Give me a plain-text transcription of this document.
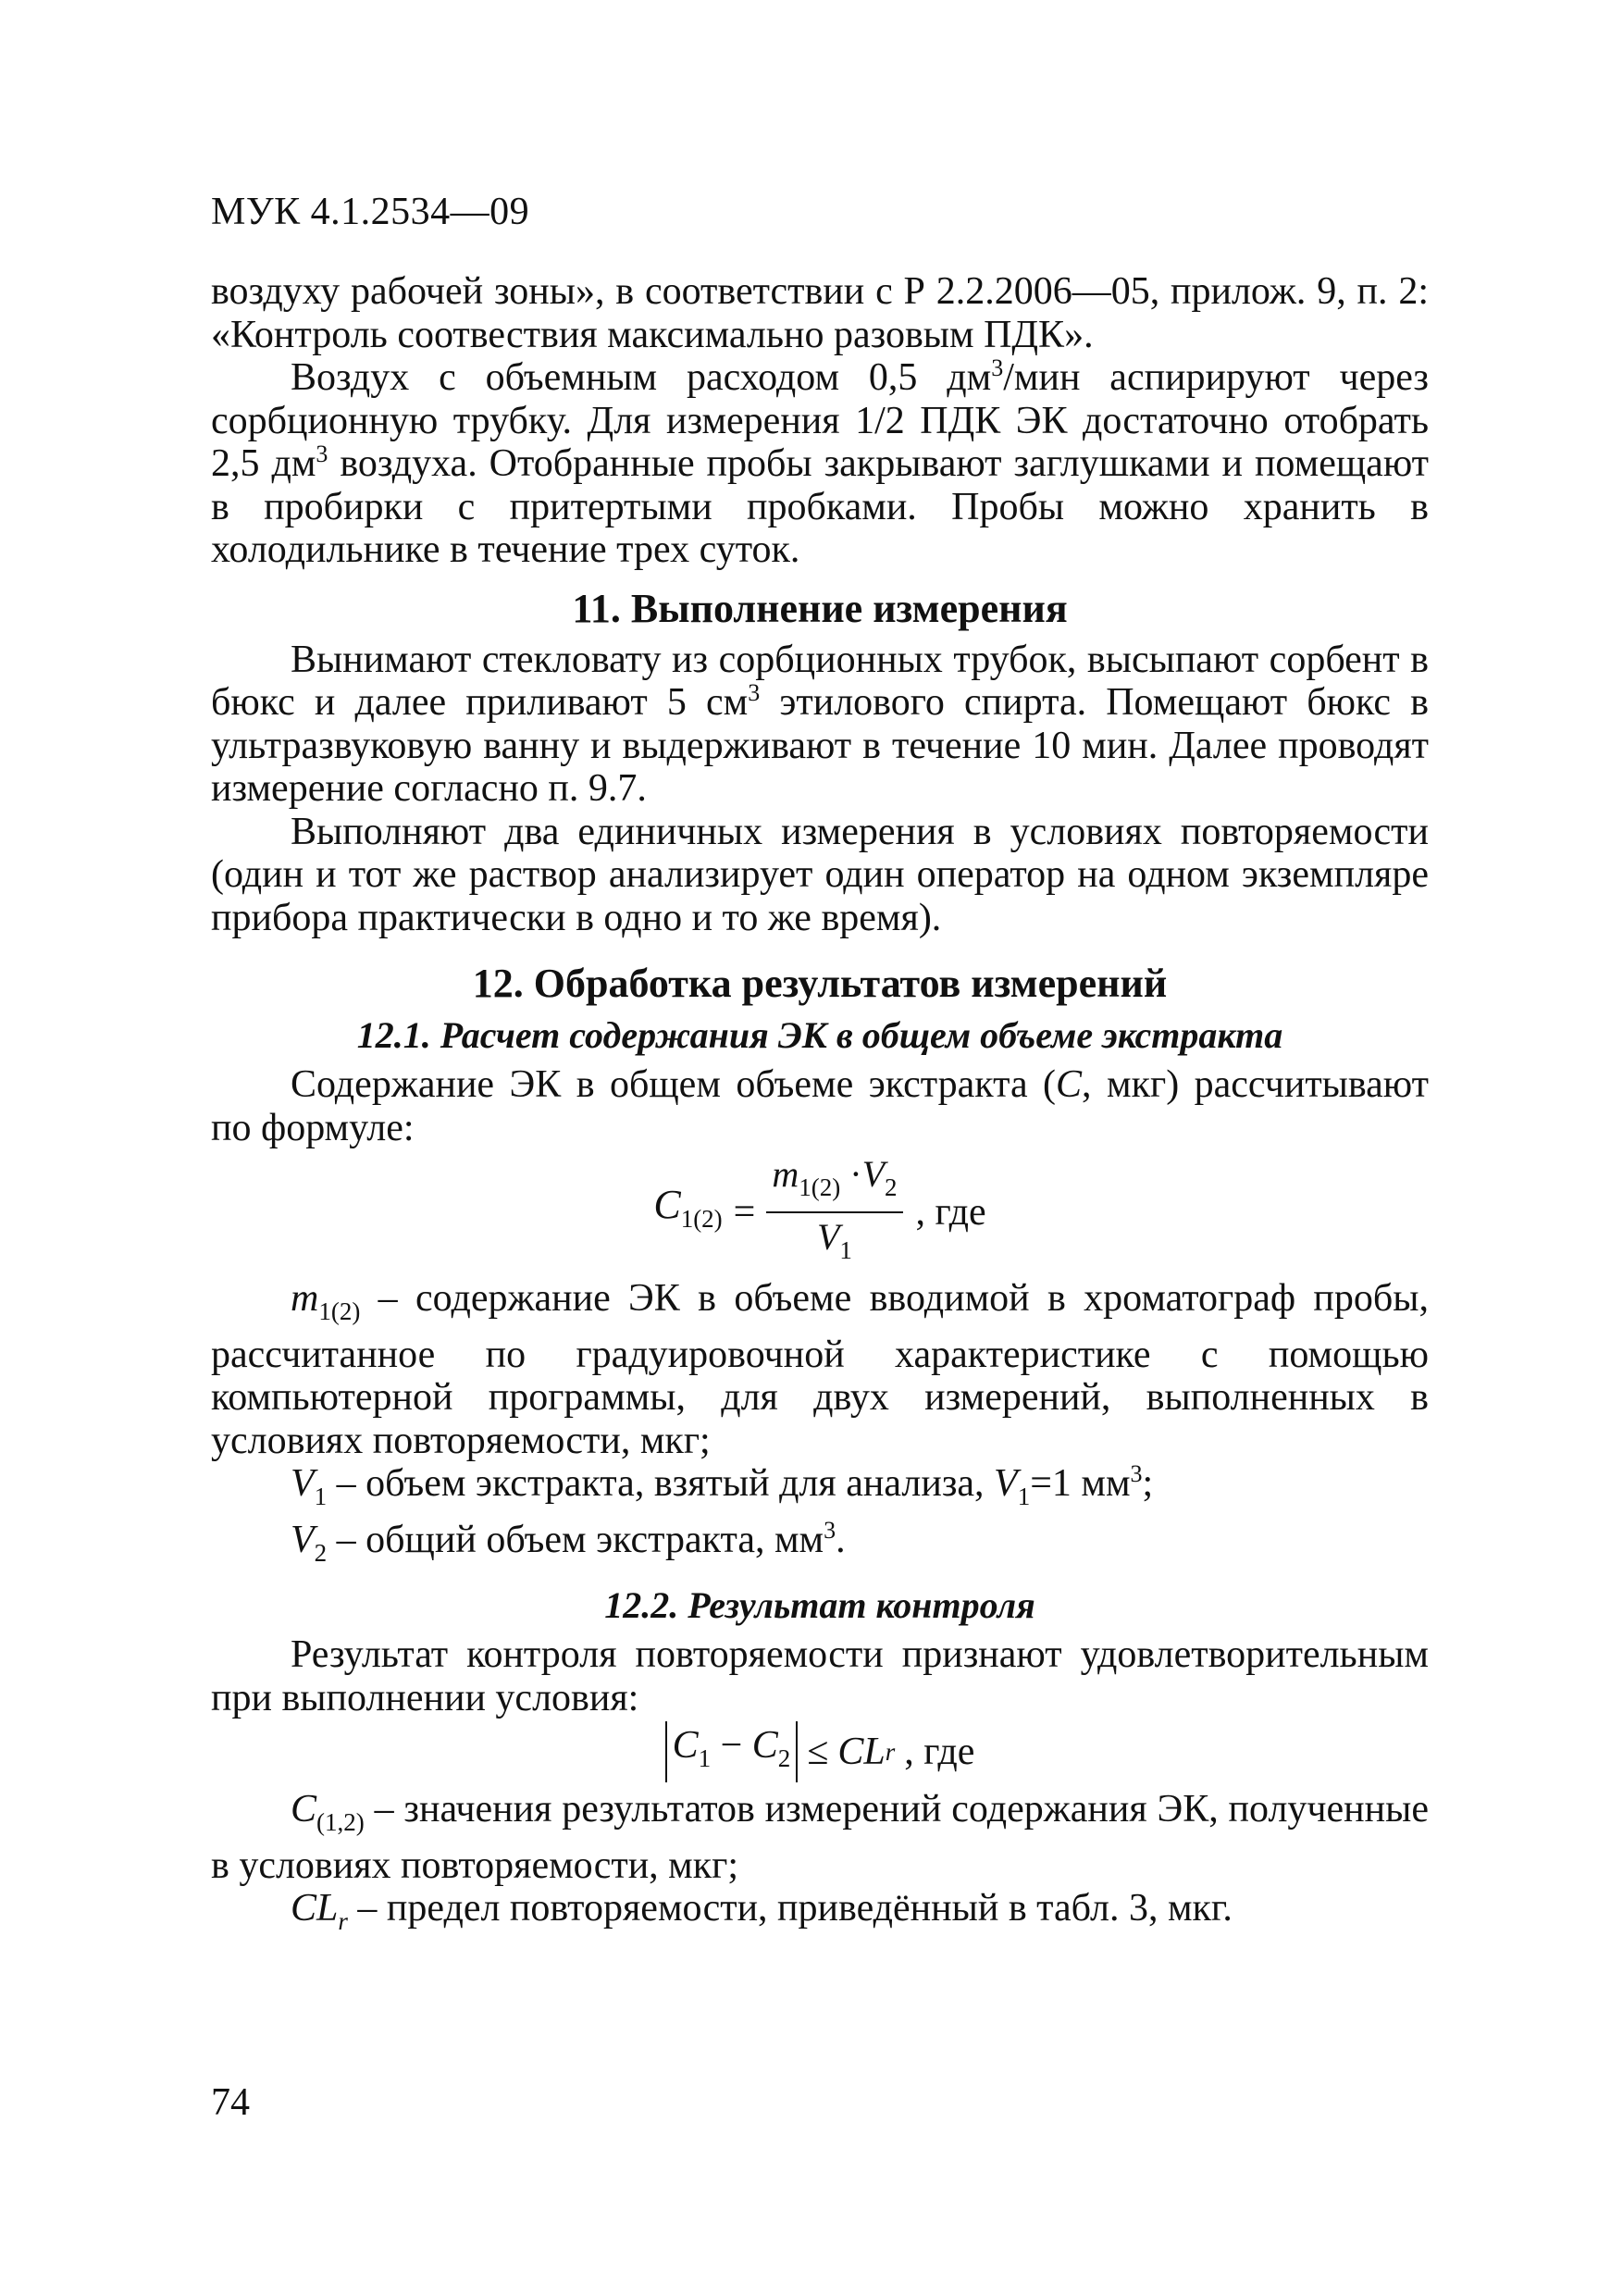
МУК 4.1.2534—09

воздуху рабочей зоны», в соответствии с Р 2.2.2006—05, прилож. 9, п. 2: «Контроль соотвествия максимально разовым ПДК».

Воздух с объемным расходом 0,5 $дм^3$/мин аспирируют через сорбционную трубку. Для измерения 1/2 ПДК ЭК достаточно отобрать 2,5 $дм^3$ воздуха. Отобранные пробы закрывают заглушками и помещают в пробирки с притертыми пробками. Пробы можно хранить в холодильнике в течение трех суток.

11. Выполнение измерения

Вынимают стекловату из сорбционных трубок, высыпают сорбент в бюкс и далее приливают 5 $см^3$ этилового спирта. Помещают бюкс в ультразвуковую ванну и выдерживают в течение 10 мин. Далее проводят измерение согласно п. 9.7.

Выполняют два единичных измерения в условиях повторяемости (один и тот же раствор анализирует один оператор на одном экземпляре прибора практически в одно и то же время).

12. Обработка результатов измерений
12.1. Расчет содержания ЭК в общем объеме экстракта

Содержание ЭК в общем объеме экстракта (С, мкг) рассчитывают по формуле:

$C_{1(2)} = \frac{m_{1(2)} \cdot V_2}{V_1}$ , где

$m_{1(2)}$ – содержание ЭК в объеме вводимой в хроматограф пробы, рассчитанное по градуировочной характеристике с помощью компьютерной программы, для двух измерений, выполненных в условиях повторяемости, мкг;

$V_1$ – объем экстракта, взятый для анализа, $V_1=1$ $мм^3$;

$V_2$ – общий объем экстракта, $мм^3$.

12.2. Результат контроля

Результат контроля повторяемости признают удовлетворительным при выполнении условия:

$C_1 - C_2$ ≤ CL r , где

$C_{(1,2)}$ – значения результатов измерений содержания ЭК, полученные в условиях повторяемости, мкг;

$CL_r$ – предел повторяемости, приведённый в табл. 3, мкг.

74
